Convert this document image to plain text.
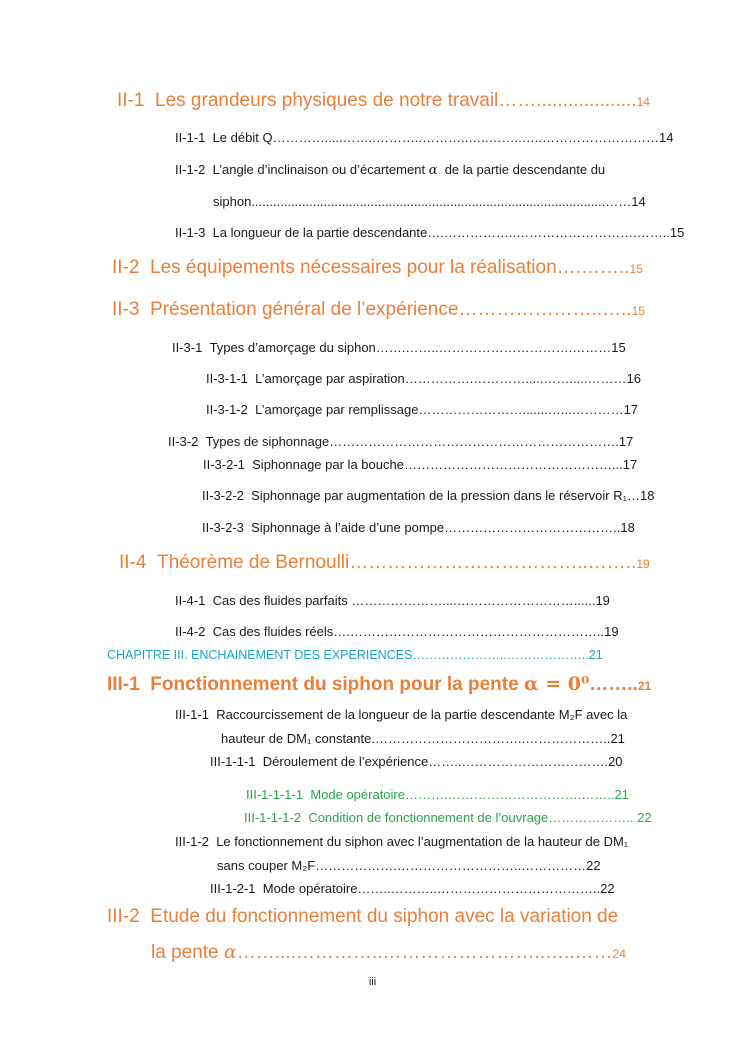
II-1 Les grandeurs physiques de notre travail……...................14
II-1-1 Le débit Q………….....……..………..………..…..……..…..………………………14
II-1-2 L’angle d’inclinaison ou d’écartement α de la partie descendante du
siphon..................................................................................................……14
II-1-3 La longueur de la partie descendante….……………..……………………….……..15
II-2 Les équipements nécessaires pour la réalisation….……..15
II-3 Présentation général de l’expérience…………………..…..15
II-3-1 Types d’amorçage du siphon…….……..………………………….………15
II-3-1-1 L’amorçage par aspiration…………….………….....…….....………16
II-3-1-2 L’amorçage par remplissage…………………….......…...…………17
II-3-2 Types de siphonnage………………………………………………………….17
II-3-2-1 Siphonnage par la bouche…………………………………………...17
II-3-2-2 Siphonnage par augmentation de la pression dans le réservoir R₁…18
II-3-2-3 Siphonnage à l’aide d’une pompe…………………………………..18
II-4 Théorème de Bernoulli………………………………..……..19
II-4-1 Cas des fluides parfaits …………………....………………………......19
II-4-2 Cas des fluides réels….…………………………………………………..19
CHAPITRE III. ENCHAINEMENT DES EXPERIENCES…………………..………………..21
III-1 Fonctionnement du siphon pour la pente α = 0⁰……..21
III-1-1 Raccourcissement de la longueur de la partie descendante M₂F avec la
hauteur de DM₁ constante.……………………………..………………..21
III-1-1-1 Déroulement de l’expérience……..…………………………….20
III-1-1-1-1 Mode opératoire……….………………………….……..21
III-1-1-1-2 Condition de fonctionnement de l’ouvrage……………….. 22
III-1-2 Le fonctionnement du siphon avec l’augmentation de la hauteur de DM₁
sans couper M₂F……………….………………………..……………22
III-1-2-1 Mode opératoire……..………..………………………………..22
III-2 Etude du fonctionnement du siphon avec la variation de
la pente α……....…………..……………………..…..……24
iii
